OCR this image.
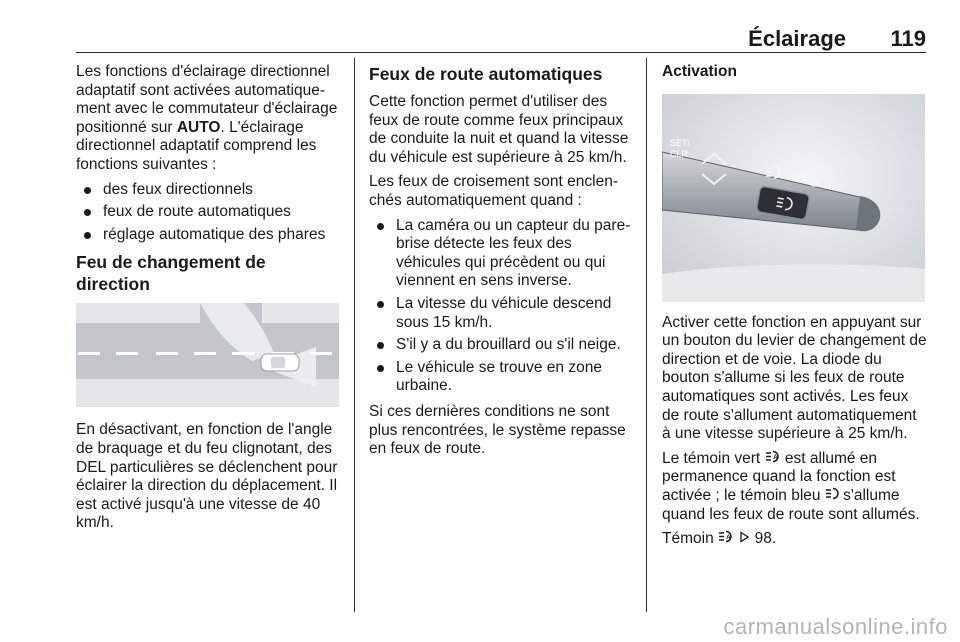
Éclairage 119

Les fonctions d'éclairage directionnel adaptatif sont activées automatiquement avec le commutateur d'éclairage positionné sur AUTO. L'éclairage directionnel adaptatif comprend les fonctions suivantes :

des feux directionnels
feux de route automatiques
réglage automatique des phares
Feu de changement de direction

En désactivant, en fonction de l'angle de braquage et du feu clignotant, des DEL particulières se déclenchent pour éclairer la direction du déplacement. Il est activé jusqu'à une vitesse de 40 km/h.

Feux de route automatiques

Cette fonction permet d'utiliser des feux de route comme feux principaux de conduite la nuit et quand la vitesse du véhicule est supérieure à 25 km/h.

Les feux de croisement sont enclenchés automatiquement quand :

La caméra ou un capteur du pare-brise détecte les feux des véhicules qui précèdent ou qui viennent en sens inverse.
La vitesse du véhicule descend sous 15 km/h.
S'il y a du brouillard ou s'il neige.
Le véhicule se trouve en zone urbaine.

Si ces dernières conditions ne sont plus rencontrées, le système repasse en feux de route.

Activation
SET/
CLR

Activer cette fonction en appuyant sur un bouton du levier de changement de direction et de voie. La diode du bouton s'allume si les feux de route automatiques sont activés. Les feux de route s'allument automatiquement à une vitesse supérieure à 25 km/h.

Le témoin vert A est allumé en permanence quand la fonction est activée ; le témoin bleu  s'allume quand les feux de route sont allumés.

Témoin A 98.

carmanualsonline.info
